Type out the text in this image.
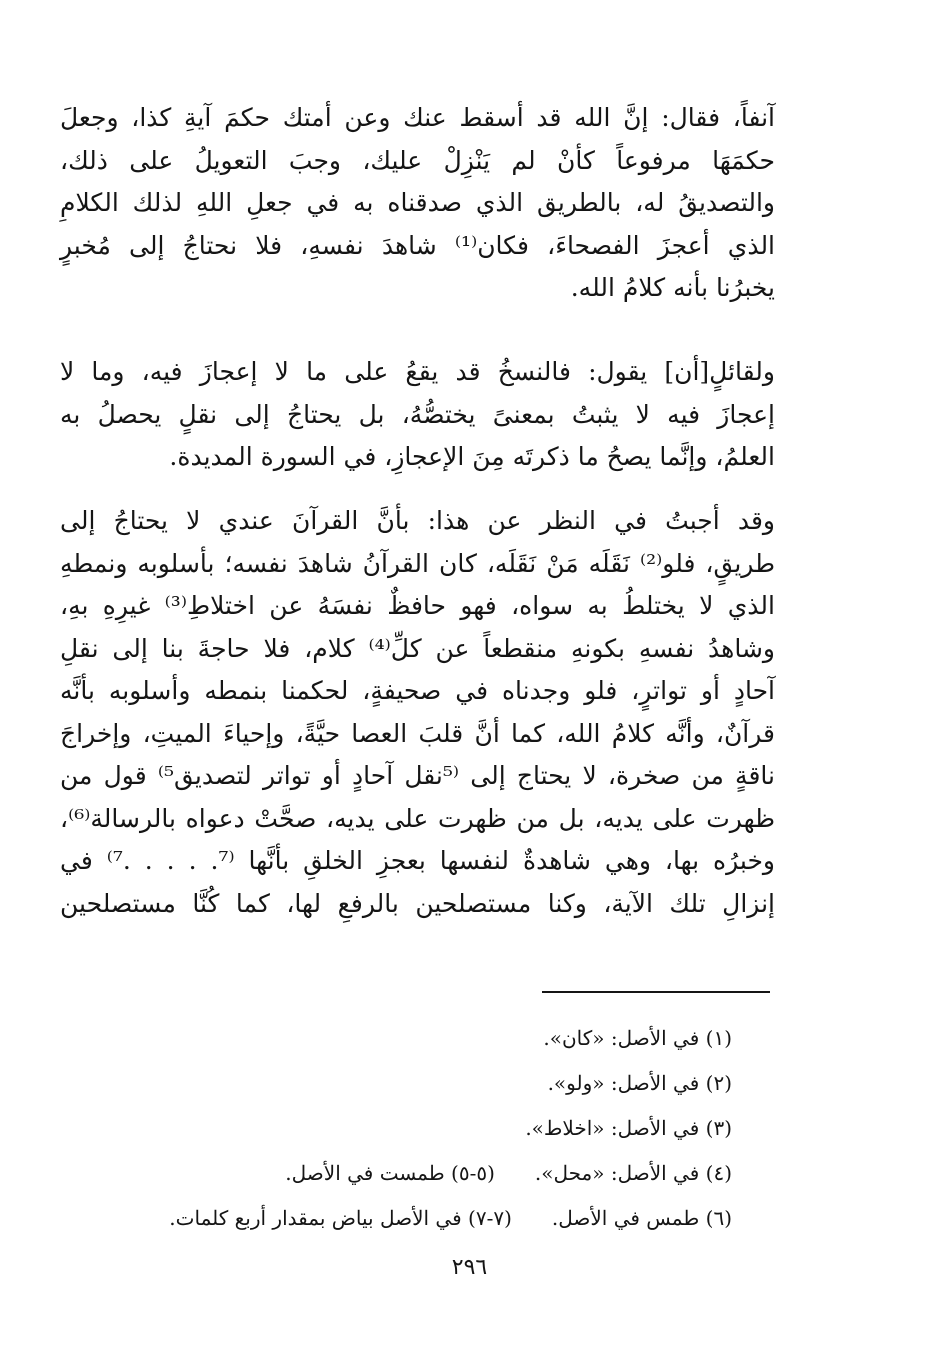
آنفاً، فقال: إنَّ الله قد أسقط عنك وعن أمتك حكمَ آيةِ كذا، وجعلَ
حكمَهَا مرفوعاً كأنْ لم يَنْزِلْ عليك، وجبَ التعويلُ على ذلك،
والتصديقُ له، بالطريق الذي صدقناه به في جعلِ اللهِ لذلك الكلامِ
الذي أعجزَ الفصحاءَ، فكان⁽¹⁾ شاهدَ نفسهِ، فلا نحتاجُ إلى مُخبرٍ
يخبرُنا بأنه كلامُ الله.
ولقائلٍ[أن] يقول: فالنسخُ قد يقعُ على ما لا إعجازَ فيه، وما لا
إعجازَ فيه لا يثبتُ بمعنىً يختصُّهُ، بل يحتاجُ إلى نقلٍ يحصلُ به
العلمُ، وإنَّما يصحُ ما ذكرتَه مِنَ الإعجازِ، في السورة المديدة.
وقد أجبتُ في النظر عن هذا: بأنَّ القرآنَ عندي لا يحتاجُ إلى
طريقٍ، فلو⁽²⁾ نَقَلَه مَنْ نَقَلَه، كان القرآنُ شاهدَ نفسه؛ بأسلوبه ونمطهِ
الذي لا يختلطُ به سواه، فهو حافظٌ نفسَهُ عن اختلاطِ⁽³⁾ غيرِهِ بهِ،
وشاهدُ نفسهِ بكونهِ منقطعاً عن كلِّ⁽⁴⁾ كلام، فلا حاجةَ بنا إلى نقلِ
آحادٍ أو تواترٍ، فلو وجدناه في صحيفةٍ، لحكمنا بنمطه وأسلوبه بأنَّه
قرآنٌ، وأنَّه كلامُ الله، كما أنَّ قلبَ العصا حيَّةً، وإحياءَ الميتِ، وإخراجَ
ناقةٍ من صخرة، لا يحتاج إلى ⁽⁵نقل آحادٍ أو تواتر لتصديق⁵⁾ قول من
ظهرت على يديه، بل من ظهرت على يديه، صحَّتْ دعواه بالرسالة⁽⁶⁾،
وخبرُه بها، وهي شاهدةٌ لنفسها بعجزِ الخلقِ بأنَّها ⁽⁷. . . . .⁷⁾ في
إنزالِ تلك الآية، وكنا مستصلحين بالرفعِ لها، كما كُنَّا مستصلحين
(١) في الأصل: «كان».
(٢) في الأصل: «ولو».
(٣) في الأصل: «اخلاط».
(٤) في الأصل: «محل».
(٥-٥) طمست في الأصل.
(٦) طمس في الأصل.
(٧-٧) في الأصل بياض بمقدار أربع كلمات.
٢٩٦
